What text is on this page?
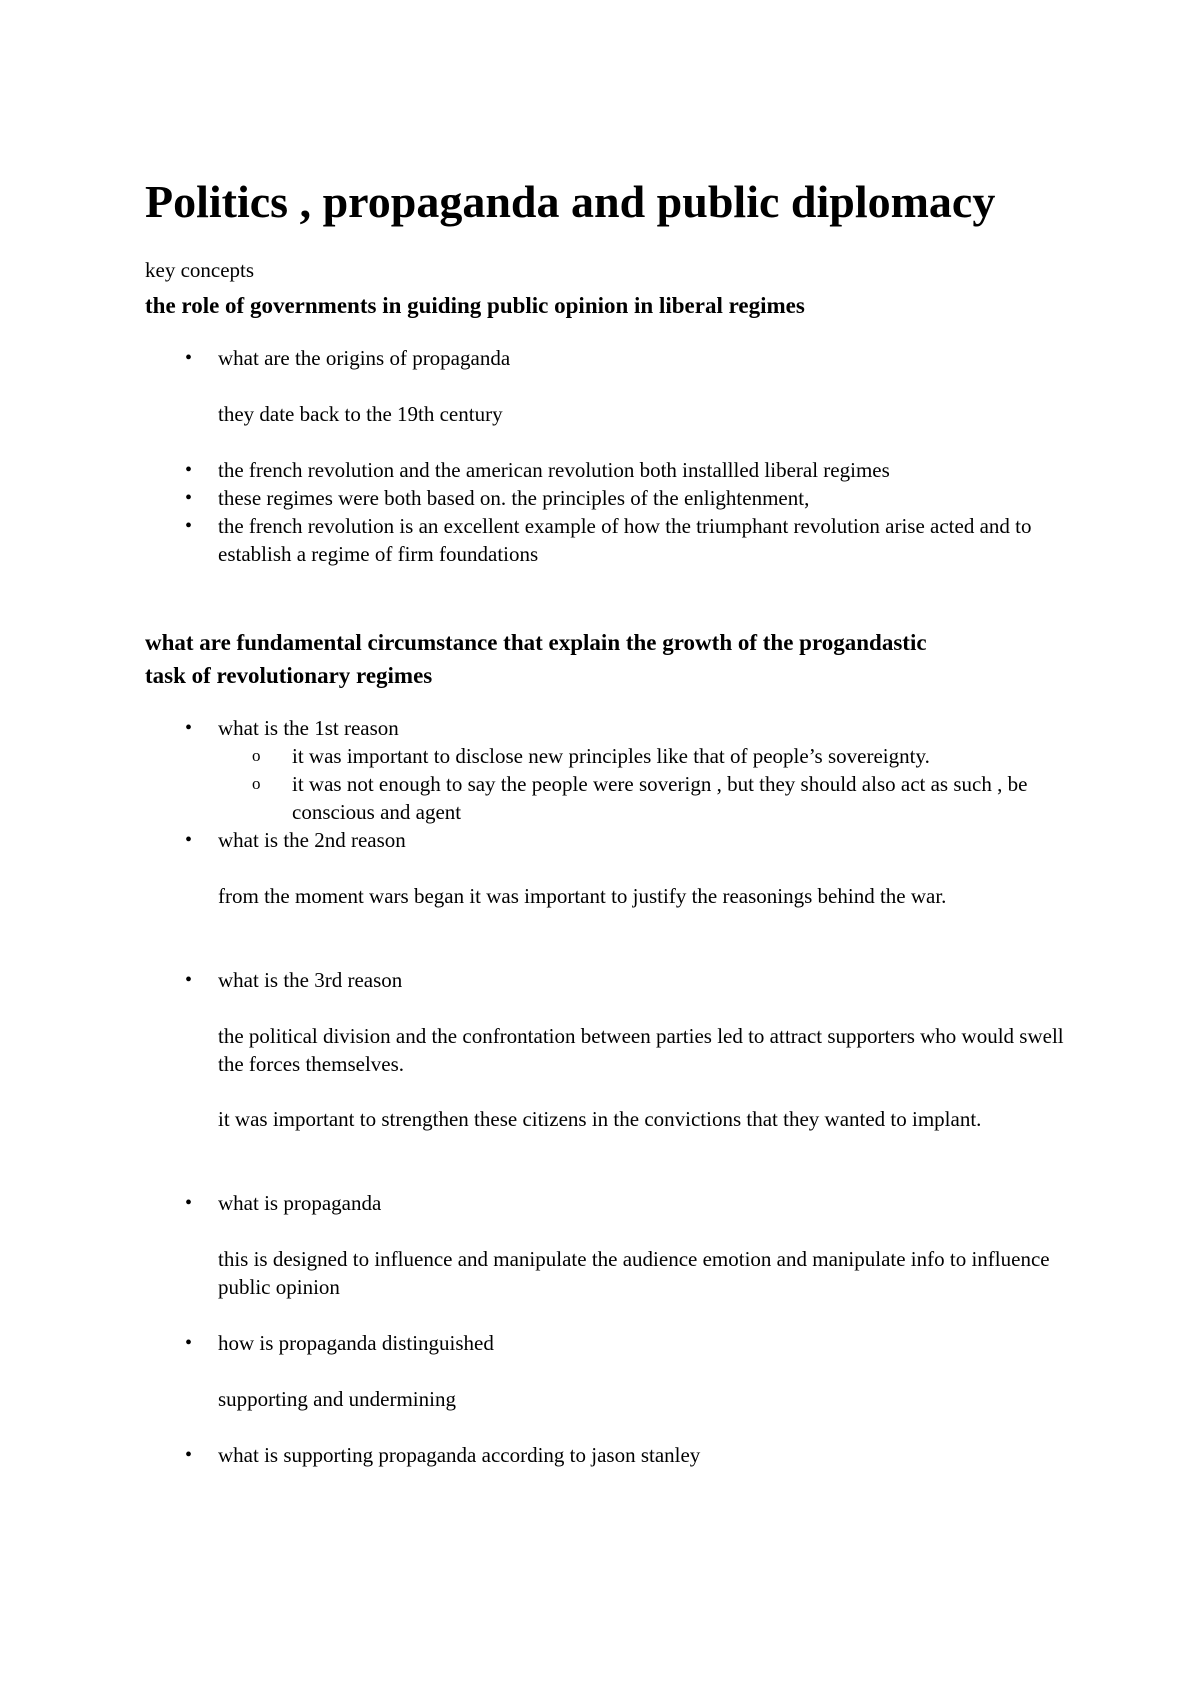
Politics , propaganda and public diplomacy

key concepts

the role of governments in guiding public opinion in liberal regimes
•	what are the origins of propaganda

they date back to the 19th century

•	the french revolution and the american revolution both installled liberal regimes
•	these regimes were both based on. the principles of the enlightenment,
•	the french revolution is an excellent example of how the triumphant revolution arise acted and to establish a regime of firm foundations
what are fundamental circumstance that explain the growth of the progandastic task of revolutionary regimes
•	what is the 1st reason
o it was important to disclose new principles like that of people’s sovereignty.
o it was not enough to say the people were soverign , but they should also act as such , be conscious and agent
•	what is the 2nd reason

from the moment wars began it was important to justify the reasonings behind the war.

•	what is the 3rd reason

the political division and the confrontation between parties led to attract supporters who would swell the forces themselves.

it was important to strengthen these citizens in the convictions that they wanted to implant.

•	what is propaganda

this is designed to influence and manipulate the audience emotion and manipulate info to influence public opinion

•	how is propaganda distinguished

supporting and undermining

•	what is supporting propaganda according to jason stanley
